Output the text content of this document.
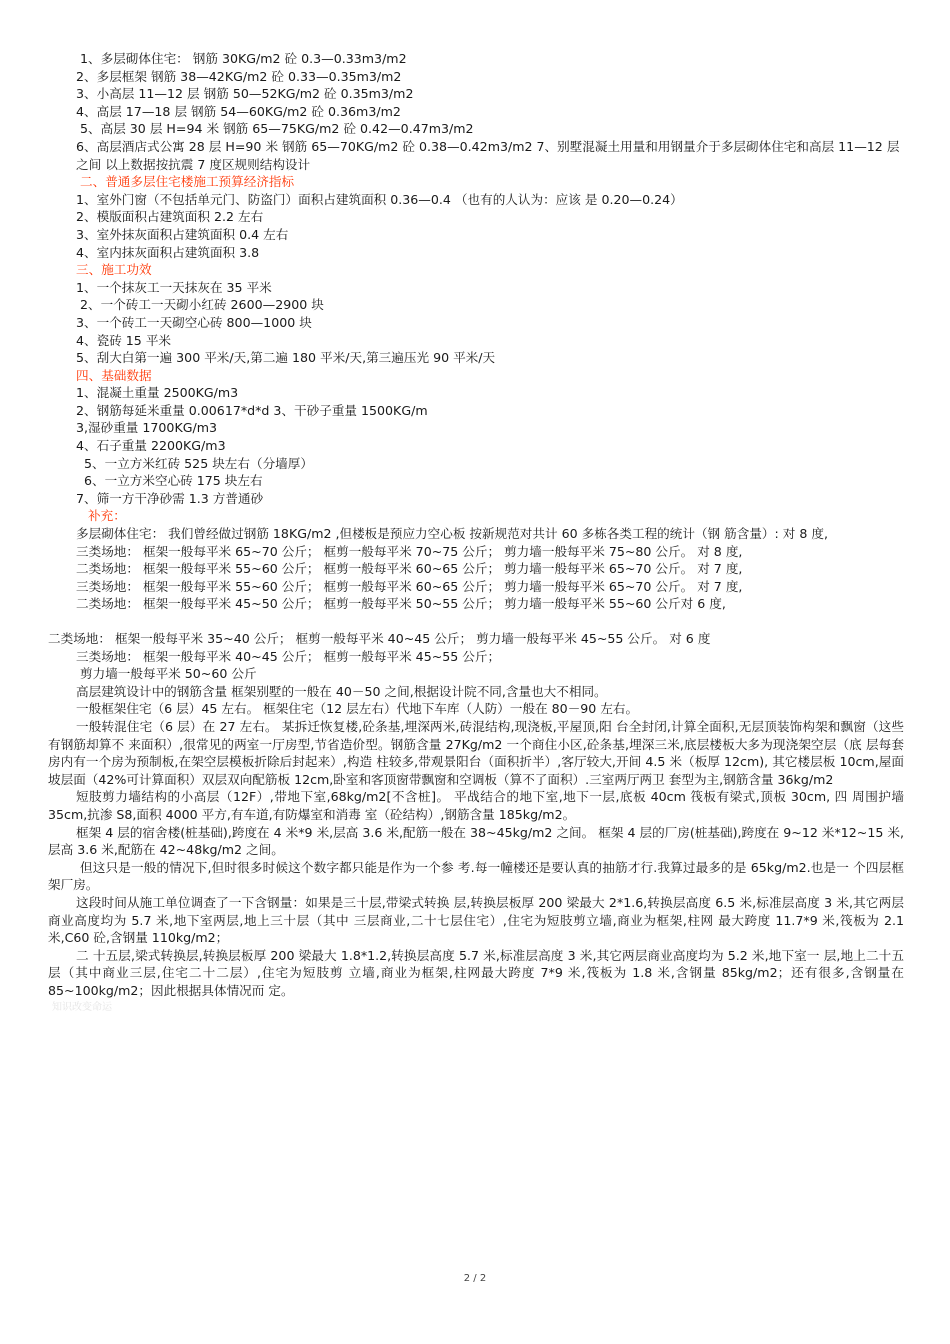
1、多层砌体住宅： 钢筋 30KG/m2 砼 0.3—0.33m3/m2
2、多层框架 钢筋 38—42KG/m2 砼 0.33—0.35m3/m2
3、小高层 11—12 层 钢筋 50—52KG/m2 砼 0.35m3/m2
4、高层 17—18 层 钢筋 54—60KG/m2 砼 0.36m3/m2
5、高层 30 层 H=94 米 钢筋 65—75KG/m2 砼 0.42—0.47m3/m2
6、高层酒店式公寓 28 层 H=90 米 钢筋 65—70KG/m2 砼 0.38—0.42m3/m2 7、别墅混凝土用量和用钢量介于多层砌体住宅和高层 11—12 层之间 以上数据按抗震 7 度区规则结构设计
二、普通多层住宅楼施工预算经济指标
1、室外门窗（不包括单元门、防盗门）面积占建筑面积 0.36—0.4 （也有的人认为：应该 是 0.20—0.24）
2、模版面积占建筑面积 2.2 左右
3、室外抹灰面积占建筑面积 0.4 左右
4、室内抹灰面积占建筑面积 3.8
三、施工功效
1、一个抹灰工一天抹灰在 35 平米
2、一个砖工一天砌小红砖 2600—2900 块
3、一个砖工一天砌空心砖 800—1000 块
4、瓷砖 15 平米
5、刮大白第一遍 300 平米/天,第二遍 180 平米/天,第三遍压光 90 平米/天
四、基础数据
1、混凝土重量 2500KG/m3
2、钢筋每延米重量 0.00617*d*d 3、干砂子重量 1500KG/m
3,湿砂重量 1700KG/m3
4、石子重量 2200KG/m3
5、一立方米红砖 525 块左右（分墙厚）
6、一立方米空心砖 175 块左右
7、筛一方干净砂需 1.3 方普通砂
补充：
多层砌体住宅： 我们曾经做过钢筋 18KG/m2 ,但楼板是预应力空心板 按新规范对共计 60 多栋各类工程的统计（钢 筋含量）: 对 8 度,
三类场地： 框架一般每平米 65~70 公斤； 框剪一般每平米 70~75 公斤； 剪力墙一般每平米 75~80 公斤。 对 8 度,
二类场地： 框架一般每平米 55~60 公斤； 框剪一般每平米 60~65 公斤； 剪力墙一般每平米 65~70 公斤。 对 7 度,
三类场地： 框架一般每平米 55~60 公斤； 框剪一般每平米 60~65 公斤； 剪力墙一般每平米 65~70 公斤。 对 7 度,
二类场地： 框架一般每平米 45~50 公斤； 框剪一般每平米 50~55 公斤； 剪力墙一般每平米 55~60 公斤对 6 度,
二类场地： 框架一般每平米 35~40 公斤； 框剪一般每平米 40~45 公斤； 剪力墙一般每平米 45~55 公斤。 对 6 度
三类场地： 框架一般每平米 40~45 公斤； 框剪一般每平米 45~55 公斤；
剪力墙一般每平米 50~60 公斤
高层建筑设计中的钢筋含量 框架别墅的一般在 40－50 之间,根据设计院不同,含量也大不相同。
一般框架住宅（6 层）45 左右。 框架住宅（12 层左右）代地下车库（人防）一般在 80－90 左右。
一般转混住宅（6 层）在 27 左右。 某拆迁恢复楼,砼条基,埋深两米,砖混结构,现浇板,平屋顶,阳 台全封闭,计算全面积,无层顶装饰构架和飘窗（这些有钢筋却算不 来面积）,很常见的两室一厅房型,节省造价型。钢筋含量 27Kg/m2 一个商住小区,砼条基,埋深三米,底层楼板大多为现浇架空层（底 层每套房内有一个房为预制板,在架空层模板折除后封起来）,构造 柱较多,带观景阳台（面积折半）,客厅较大,开间 4.5 米（板厚 12cm), 其它楼层板 10cm,屋面坡层面（42%可计算面积）双层双向配筋板 12cm,卧室和客顶窗带飘窗和空调板（算不了面积）.三室两厅两卫 套型为主,钢筋含量 36kg/m2
短肢剪力墙结构的小高层（12F）,带地下室,68kg/m2[不含桩]。 平战结合的地下室,地下一层,底板 40cm 筏板有梁式,顶板 30cm, 四 周围护墙 35cm,抗渗 S8,面积 4000 平方,有车道,有防爆室和消毒 室（砼结构）,钢筋含量 185kg/m2。
框架 4 层的宿舍楼(桩基础),跨度在 4 米*9 米,层高 3.6 米,配筋一般在 38~45kg/m2 之间。 框架 4 层的厂房(桩基础),跨度在 9~12 米*12~15 米,层高 3.6 米,配筋在 42~48kg/m2 之间。
但这只是一般的情况下,但时很多时候这个数字都只能是作为一个参 考.每一幢楼还是要认真的抽筋才行.我算过最多的是 65kg/m2.也是一 个四层框架厂房。
这段时间从施工单位调查了一下含钢量：如果是三十层,带梁式转换 层,转换层板厚 200 梁最大 2*1.6,转换层高度 6.5 米,标准层高度 3 米,其它两层商业高度均为 5.7 米,地下室两层,地上三十层（其中 三层商业,二十七层住宅）,住宅为短肢剪立墙,商业为框架,柱网 最大跨度 11.7*9 米,筏板为 2.1 米,C60 砼,含钢量 110kg/m2；
二 十五层,梁式转换层,转换层板厚 200 梁最大 1.8*1.2,转换层高度 5.7 米,标准层高度 3 米,其它两层商业高度均为 5.2 米,地下室一 层,地上二十五层（其中商业三层,住宅二十二层）,住宅为短肢剪 立墙,商业为框架,柱网最大跨度 7*9 米,筏板为 1.8 米,含钢量 85kg/m2；还有很多,含钢量在 85~100kg/m2；因此根据具体情况而 定。
知识改变命运
2 / 2
